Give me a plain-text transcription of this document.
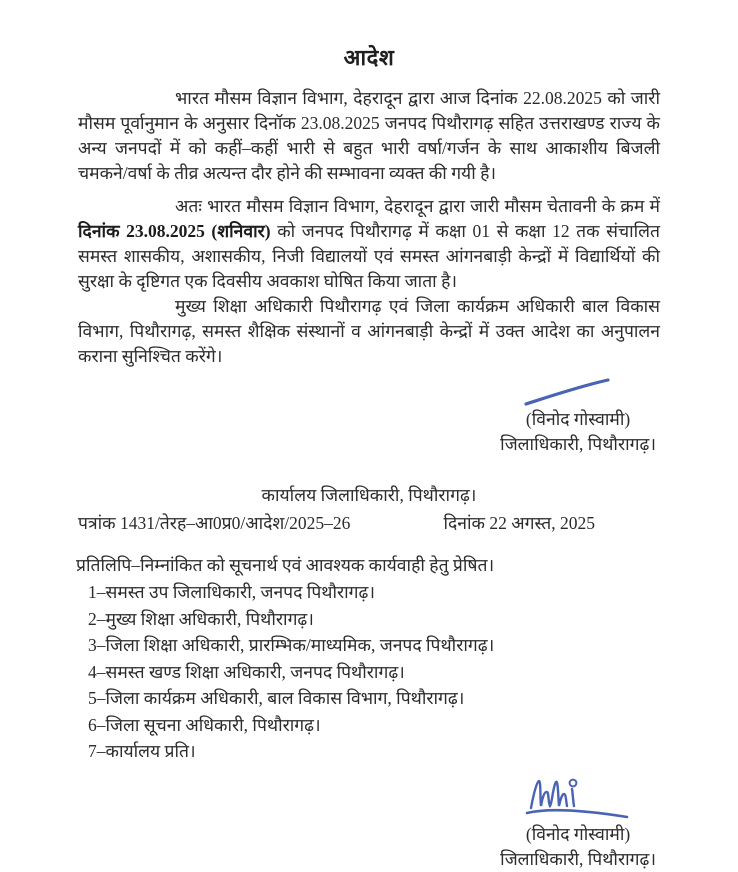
आदेश

भारत मौसम विज्ञान विभाग, देहरादून द्वारा आज दिनांक 22.08.2025 को जारी मौसम पूर्वानुमान के अनुसार दिनॉक 23.08.2025 जनपद पिथौरागढ़ सहित उत्तराखण्ड राज्य के अन्य जनपदों में को कहीं–कहीं भारी से बहुत भारी वर्षा/गर्जन के साथ आकाशीय बिजली चमकने/वर्षा के तीव्र अत्यन्त दौर होने की सम्भावना व्यक्त की गयी है।

अतः भारत मौसम विज्ञान विभाग, देहरादून द्वारा जारी मौसम चेतावनी के क्रम में दिनांक 23.08.2025 (शनिवार) को जनपद पिथौरागढ़ में कक्षा 01 से कक्षा 12 तक संचालित समस्त शासकीय, अशासकीय, निजी विद्यालयों एवं समस्त आंगनबाड़ी केन्द्रों में विद्यार्थियों की सुरक्षा के दृष्टिगत एक दिवसीय अवकाश घोषित किया जाता है।

मुख्य शिक्षा अधिकारी पिथौरागढ़ एवं जिला कार्यक्रम अधिकारी बाल विकास विभाग, पिथौरागढ़, समस्त शैक्षिक संस्थानों व आंगनबाड़ी केन्द्रों में उक्त आदेश का अनुपालन कराना सुनिश्चित करेंगे।

(विनोद गोस्वामी)
जिलाधिकारी, पिथौरागढ़।
कार्यालय जिलाधिकारी, पिथौरागढ़।
पत्रांक 1431/तेरह–आ0प्र0/आदेश/2025–26	दिनांक 22 अगस्त, 2025
प्रतिलिपि–निम्नांकित को सूचनार्थ एवं आवश्यक कार्यवाही हेतु प्रेषित।
1–समस्त उप जिलाधिकारी, जनपद पिथौरागढ़।
2–मुख्य शिक्षा अधिकारी, पिथौरागढ़।
3–जिला शिक्षा अधिकारी, प्रारम्भिक/माध्यमिक, जनपद पिथौरागढ़।
4–समस्त खण्ड शिक्षा अधिकारी, जनपद पिथौरागढ़।
5–जिला कार्यक्रम अधिकारी, बाल विकास विभाग, पिथौरागढ़।
6–जिला सूचना अधिकारी, पिथौरागढ़।
7–कार्यालय प्रति।
(विनोद गोस्वामी)
जिलाधिकारी, पिथौरागढ़।
